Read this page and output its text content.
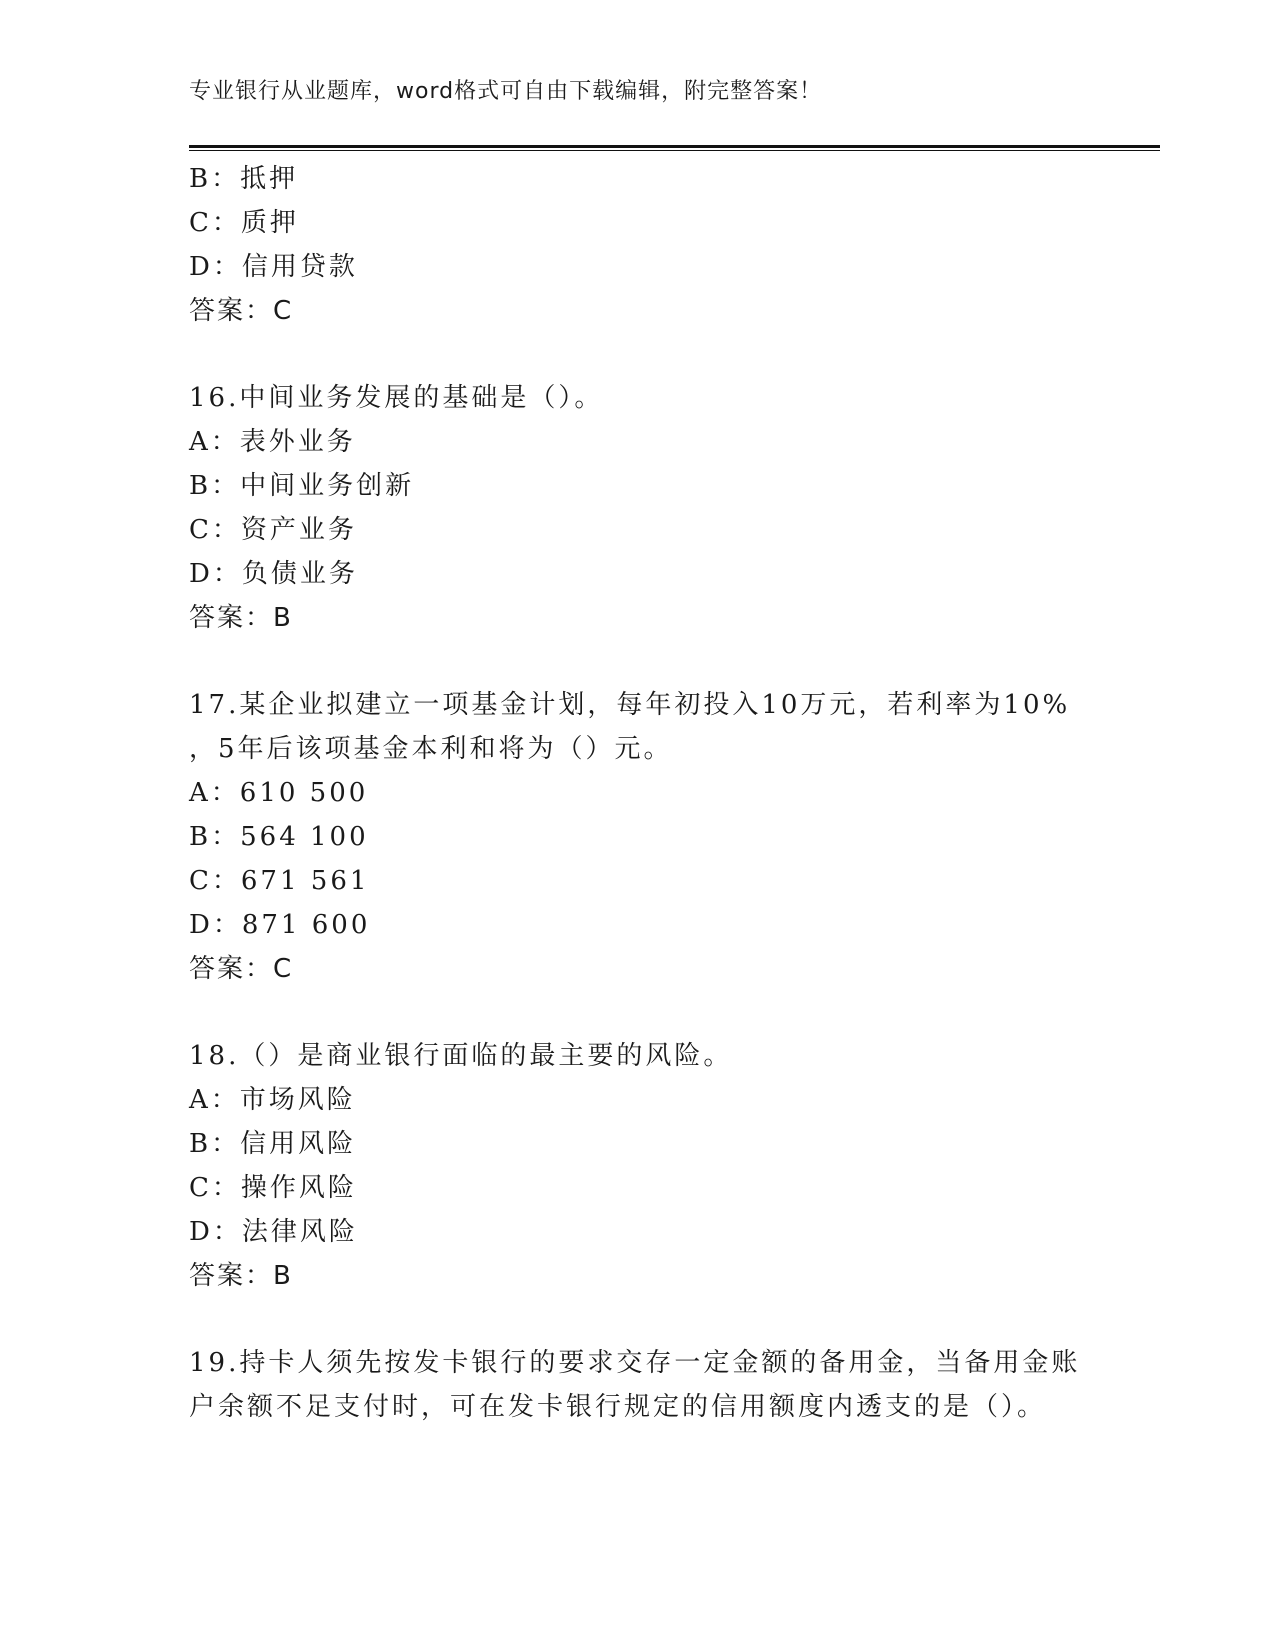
专业银行从业题库，word格式可自由下载编辑，附完整答案！
B：抵押
C：质押
D：信用贷款
答案：C
16.中间业务发展的基础是（）。
A：表外业务
B：中间业务创新
C：资产业务
D：负债业务
答案：B
17.某企业拟建立一项基金计划，每年初投入10万元，若利率为10%
，5年后该项基金本利和将为（）元。
A：610 500
B：564 100
C：671 561
D：871 600
答案：C
18.（）是商业银行面临的最主要的风险。
A：市场风险
B：信用风险
C：操作风险
D：法律风险
答案：B
19.持卡人须先按发卡银行的要求交存一定金额的备用金，当备用金账
户余额不足支付时，可在发卡银行规定的信用额度内透支的是（）。
